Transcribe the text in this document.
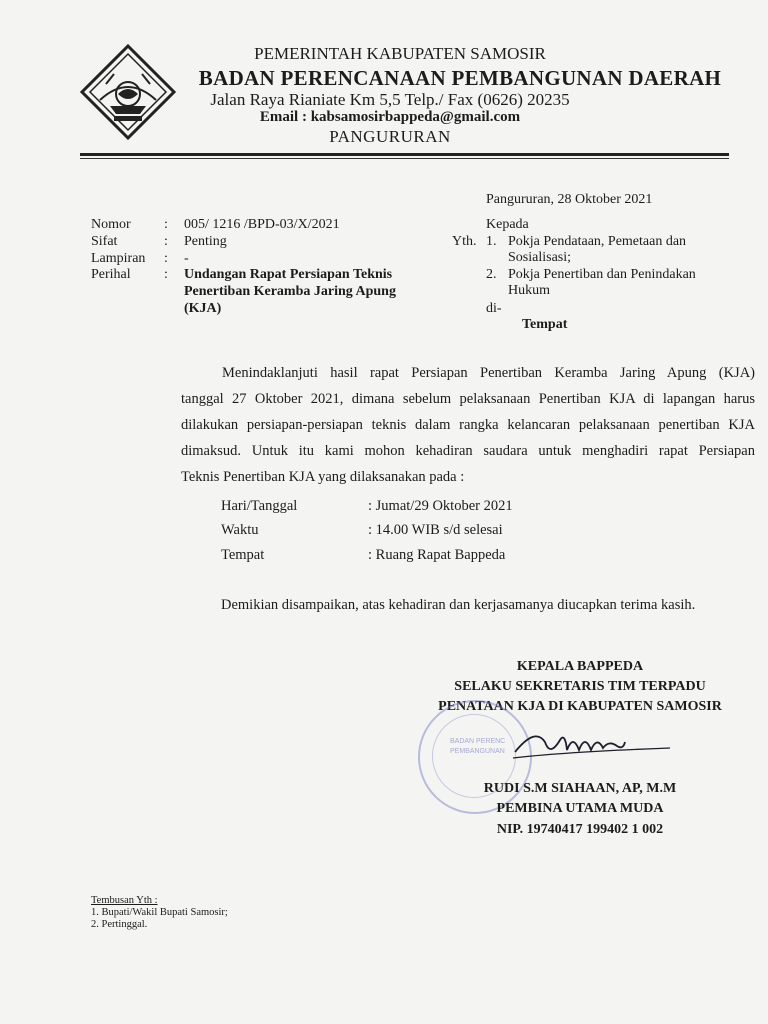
PEMERINTAH KABUPATEN SAMOSIR
BADAN PERENCANAAN PEMBANGUNAN DAERAH
Jalan Raya Rianiate Km 5,5 Telp./ Fax (0626) 20235
Email : kabsamosirbappeda@gmail.com
PANGURURAN
Pangururan, 28 Oktober 2021
Nomor : 005/ 1216 /BPD-03/X/2021
Sifat	: Penting
Lampiran : -
Perihal : Undangan Rapat Persiapan Teknis
Penertiban Keramba Jaring Apung
(KJA)
Kepada
Yth. 1. Pokja Pendataan, Pemetaan dan
Sosialisasi;
2. Pokja Penertiban dan Penindakan
Hukum
di-
Tempat
Menindaklanjuti hasil rapat Persiapan Penertiban Keramba Jaring Apung (KJA)
tanggal 27 Oktober 2021, dimana sebelum pelaksanaan Penertiban KJA di lapangan harus
dilakukan persiapan-persiapan teknis dalam rangka kelancaran pelaksanaan penertiban KJA
dimaksud. Untuk itu kami mohon kehadiran saudara untuk menghadiri rapat Persiapan
Teknis Penertiban KJA yang dilaksanakan pada :
Hari/Tanggal	: Jumat/29 Oktober 2021
Waktu	: 14.00 WIB s/d selesai
Tempat	: Ruang Rapat Bappeda
Demikian disampaikan, atas kehadiran dan kerjasamanya diucapkan terima kasih.
KEPALA BAPPEDA
SELAKU SEKRETARIS TIM TERPADU
PENATAAN KJA DI KABUPATEN SAMOSIR
BADAN PERENC
PEMBANGUNAN
RUDI S.M SIAHAAN, AP, M.M
PEMBINA UTAMA MUDA
NIP. 19740417 199402 1 002
Tembusan Yth :
1. Bupati/Wakil Bupati Samosir;
2. Pertinggal.
